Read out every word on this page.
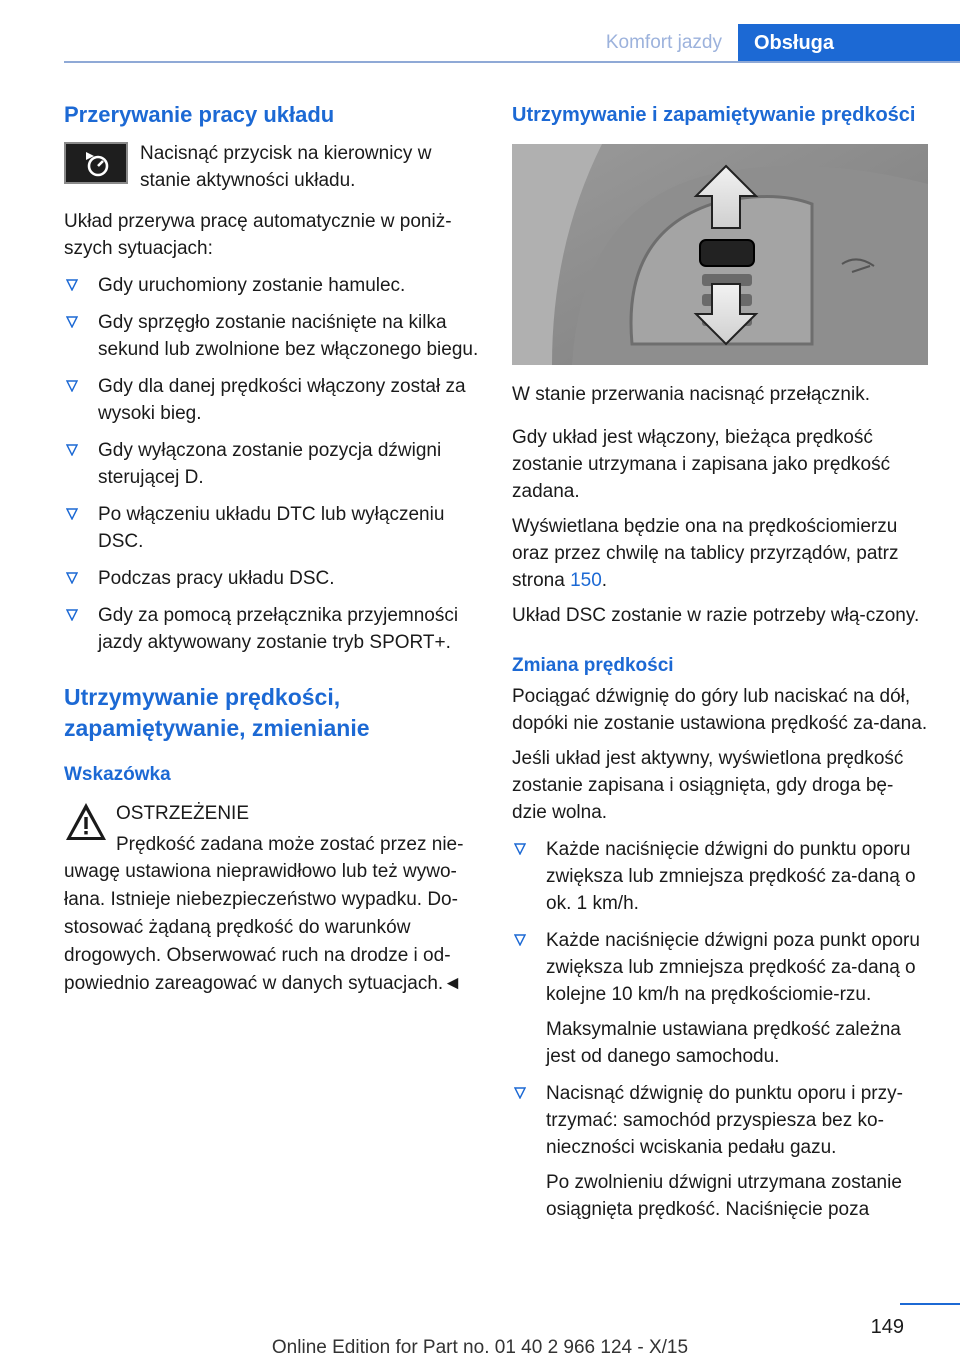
Komfort jazdy	Obsługa
Przerywanie pracy układu
Nacisnąć przycisk na kierownicy w stanie aktywności układu.

Układ przerywa pracę automatycznie w poniższych sytuacjach:

Gdy uruchomiony zostanie hamulec.
Gdy sprzęgło zostanie naciśnięte na kilka sekund lub zwolnione bez włączonego biegu.
Gdy dla danej prędkości włączony został za wysoki bieg.
Gdy wyłączona zostanie pozycja dźwigni sterującej D.
Po włączeniu układu DTC lub wyłączeniu DSC.
Podczas pracy układu DSC.
Gdy za pomocą przełącznika przyjemności jazdy aktywowany zostanie tryb SPORT+.
Utrzymywanie prędkości, zapamiętywanie, zmienianie
Wskazówka
OSTRZEŻENIE
Prędkość zadana może zostać przez nie‐
uwagę ustawiona nieprawidłowo lub też wywo‐łana. Istnieje niebezpieczeństwo wypadku. Do‐stosować żądaną prędkość do warunków drogowych. Obserwować ruch na drodze i od‐powiednio zareagować w danych sytuacjach.◄
Utrzymywanie i zapamiętywanie prędkości

W stanie przerwania nacisnąć przełącznik.

Gdy układ jest włączony, bieżąca prędkość zostanie utrzymana i zapisana jako prędkość zadana.

Wyświetlana będzie ona na prędkościomierzu oraz przez chwilę na tablicy przyrządów, patrz strona 150.

Układ DSC zostanie w razie potrzeby włą‐czony.

Zmiana prędkości

Pociągać dźwignię do góry lub naciskać na dół, dopóki nie zostanie ustawiona prędkość za‐dana.

Jeśli układ jest aktywny, wyświetlona prędkość zostanie zapisana i osiągnięta, gdy droga bę‐dzie wolna.

Każde naciśnięcie dźwigni do punktu oporu zwiększa lub zmniejsza prędkość za‐daną o ok. 1 km/h.
Każde naciśnięcie dźwigni poza punkt oporu zwiększa lub zmniejsza prędkość za‐daną o kolejne 10 km/h na prędkościomie‐rzu.
Maksymalnie ustawiana prędkość zależna jest od danego samochodu.
Nacisnąć dźwignię do punktu oporu i przy‐trzymać: samochód przyspiesza bez ko‐nieczności wciskania pedału gazu.
Po zwolnieniu dźwigni utrzymana zostanie osiągnięta prędkość. Naciśnięcie poza
149
Online Edition for Part no. 01 40 2 966 124 - X/15
